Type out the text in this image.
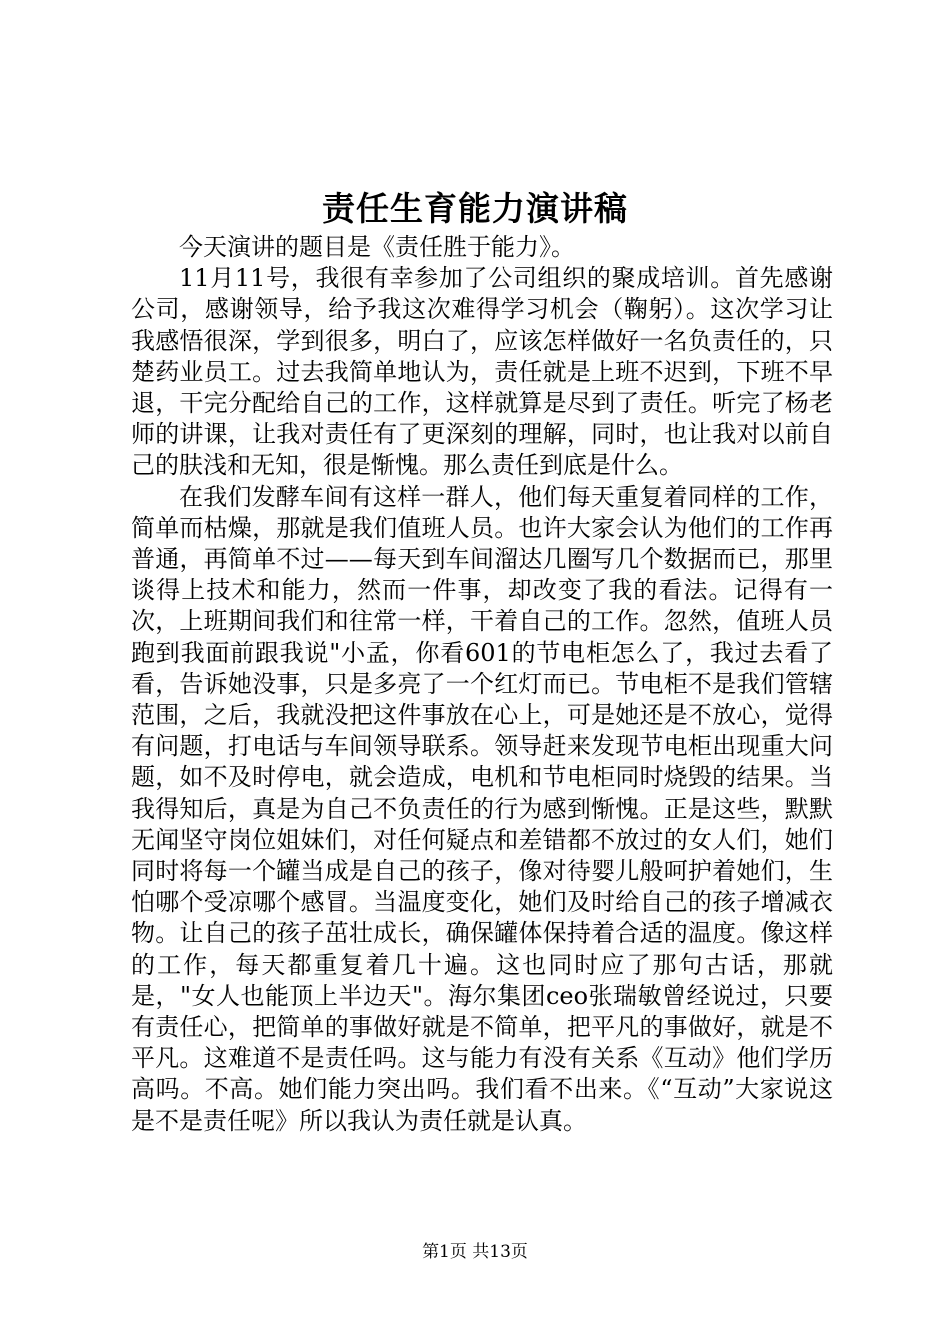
责任生育能力演讲稿

今天演讲的题目是《责任胜于能力》。

11月11号，我很有幸参加了公司组织的聚成培训。首先感谢公司，感谢领导，给予我这次难得学习机会（鞠躬）。这次学习让我感悟很深，学到很多，明白了，应该怎样做好一名负责任的，只楚药业员工。过去我简单地认为，责任就是上班不迟到，下班不早退，干完分配给自己的工作，这样就算是尽到了责任。听完了杨老师的讲课，让我对责任有了更深刻的理解，同时，也让我对以前自己的肤浅和无知，很是惭愧。那么责任到底是什么。

在我们发酵车间有这样一群人，他们每天重复着同样的工作，简单而枯燥，那就是我们值班人员。也许大家会认为他们的工作再普通，再简单不过——每天到车间溜达几圈写几个数据而已，那里谈得上技术和能力，然而一件事，却改变了我的看法。记得有一次，上班期间我们和往常一样，干着自己的工作。忽然，值班人员跑到我面前跟我说"小孟，你看601的节电柜怎么了，我过去看了看，告诉她没事，只是多亮了一个红灯而已。节电柜不是我们管辖范围，之后，我就没把这件事放在心上，可是她还是不放心，觉得有问题，打电话与车间领导联系。领导赶来发现节电柜出现重大问题，如不及时停电，就会造成，电机和节电柜同时烧毁的结果。当我得知后，真是为自己不负责任的行为感到惭愧。正是这些，默默无闻坚守岗位姐妹们，对任何疑点和差错都不放过的女人们，她们同时将每一个罐当成是自己的孩子，像对待婴儿般呵护着她们，生怕哪个受凉哪个感冒。当温度变化，她们及时给自己的孩子增减衣物。让自己的孩子茁壮成长，确保罐体保持着合适的温度。像这样的工作，每天都重复着几十遍。这也同时应了那句古话，那就是，"女人也能顶上半边天"。海尔集团ceo张瑞敏曾经说过，只要有责任心，把简单的事做好就是不简单，把平凡的事做好，就是不平凡。这难道不是责任吗。这与能力有没有关系《互动》他们学历高吗。不高。她们能力突出吗。我们看不出来。《“互动”大家说这是不是责任呢》所以我认为责任就是认真。

第1页 共13页
